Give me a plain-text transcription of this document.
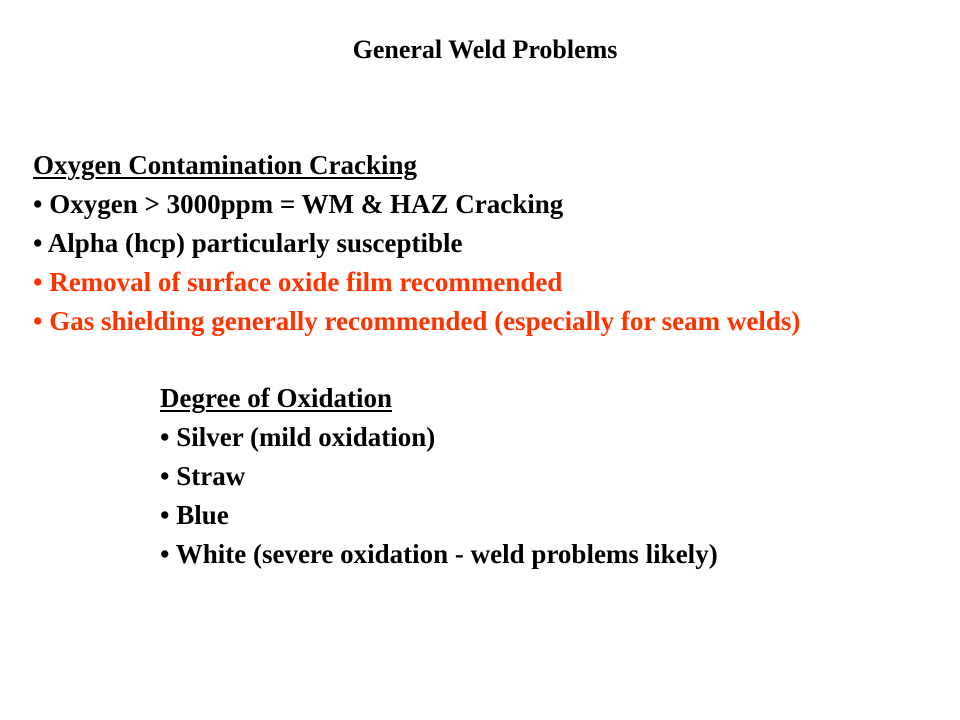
General Weld Problems
Oxygen Contamination Cracking
• Oxygen > 3000ppm = WM & HAZ Cracking
• Alpha (hcp) particularly susceptible
• Removal of surface oxide film recommended
• Gas shielding generally recommended (especially for seam welds)
Degree of Oxidation
• Silver (mild oxidation)
• Straw
• Blue
• White (severe oxidation - weld problems likely)
